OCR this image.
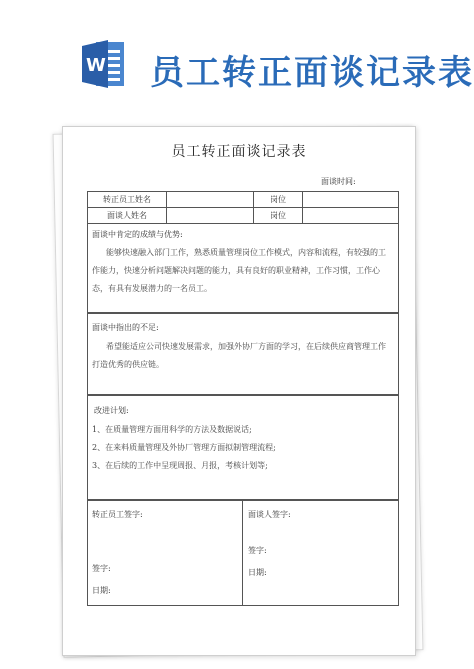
W 员工转正面谈记录表
员工转正面谈记录表
面谈时间:
转正员工姓名		岗位	
面谈人姓名		岗位	
面谈中肯定的成绩与优势:
能够快速融入部门工作，熟悉质量管理岗位工作模式，内容和流程，有较强的工作能力，快速分析问题解决问题的能力，具有良好的职业精神，工作习惯，工作心态，有具有发展潜力的一名员工。
面谈中指出的不足:
希望能适应公司快速发展需求，加强外协厂方面的学习，在后续供应商管理工作打造优秀的供应链。
改进计划:
1、在质量管理方面用科学的方法及数据说话;
2、在来料质量管理及外协厂管理方面拟制管理流程;
3、在后续的工作中呈现周报、月报，考核计划等;
转正员工签字:
签字:
日期:
面谈人签字:
签字:
日期:
